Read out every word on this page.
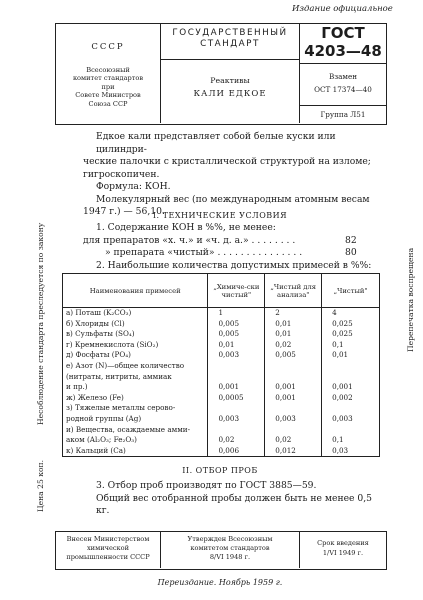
Издание официальное
Цена 25 коп.
Несоблюдение стандарта преследуется по закону	Перепечатка воспрещена
СССР
Всесоюзный
комитет стандартов
при
Совете Министров
Союза ССР
ГОСУДАРСТВЕННЫЙ
СТАНДАРТ
Реактивы
КАЛИ ЕДКОЕ
ГОСТ
4203—48
Взамен
ОСТ 17374—40
Группа Л51
Едкое кали представляет собой белые куски или цилиндри-
ческие палочки с кристаллической структурой на изломе;
гигроскопичен.
Формула: КОН.
Молекулярный вес (по международным атомным весам
1947 г.) — 56,10.
I. ТЕХНИЧЕСКИЕ УСЛОВИЯ
1. Содержание КОН в %%, не менее:
для препаратов «х. ч.» и «ч. д. а.» . . . . . . . .	82
» препарата «чистый» . . . . . . . . . . . . . . .	80
2. Наибольшие количества допустимых примесей в %%:
Наименования примесей	„Химиче-ски чистый"	„Чистый для анализа"	„Чистый"
а) Поташ (K₂CO₃)	1	2	4
б) Хлориды (Cl)	0,005	0,01	0,025
в) Сульфаты (SO₄)	0,005	0,01	0,025
г) Кремнекислота (SiO₂)	0,01	0,02	0,1
д) Фосфаты (PO₄)	0,003	0,005	0,01
е) Азот (N)—общее количество			
(нитраты, нитриты, аммиак			
и пр.)	0,001	0,001	0,001
ж) Железо (Fe)	0,0005	0,001	0,002
з) Тяжелые металлы серово-			
родной группы (Ag)	0,003	0,003	0,003
и) Вещества, осаждаемые амми-			
аком (Al₂O₃; Fe₂O₃)	0,02	0,02	0,1
к) Кальций (Ca)	0,006	0,012	0,03
II. ОТБОР ПРОБ
3. Отбор проб производят по ГОСТ 3885—59.
Общий вес отобранной пробы должен быть не менее 0,5 кг.
Внесен Министерством
химической
промышленности СССР
Утвержден Всесоюзным
комитетом стандартов
8/VI 1948 г.
Срок введения
1/VI 1949 г.
Переиздание. Ноябрь 1959 г.
